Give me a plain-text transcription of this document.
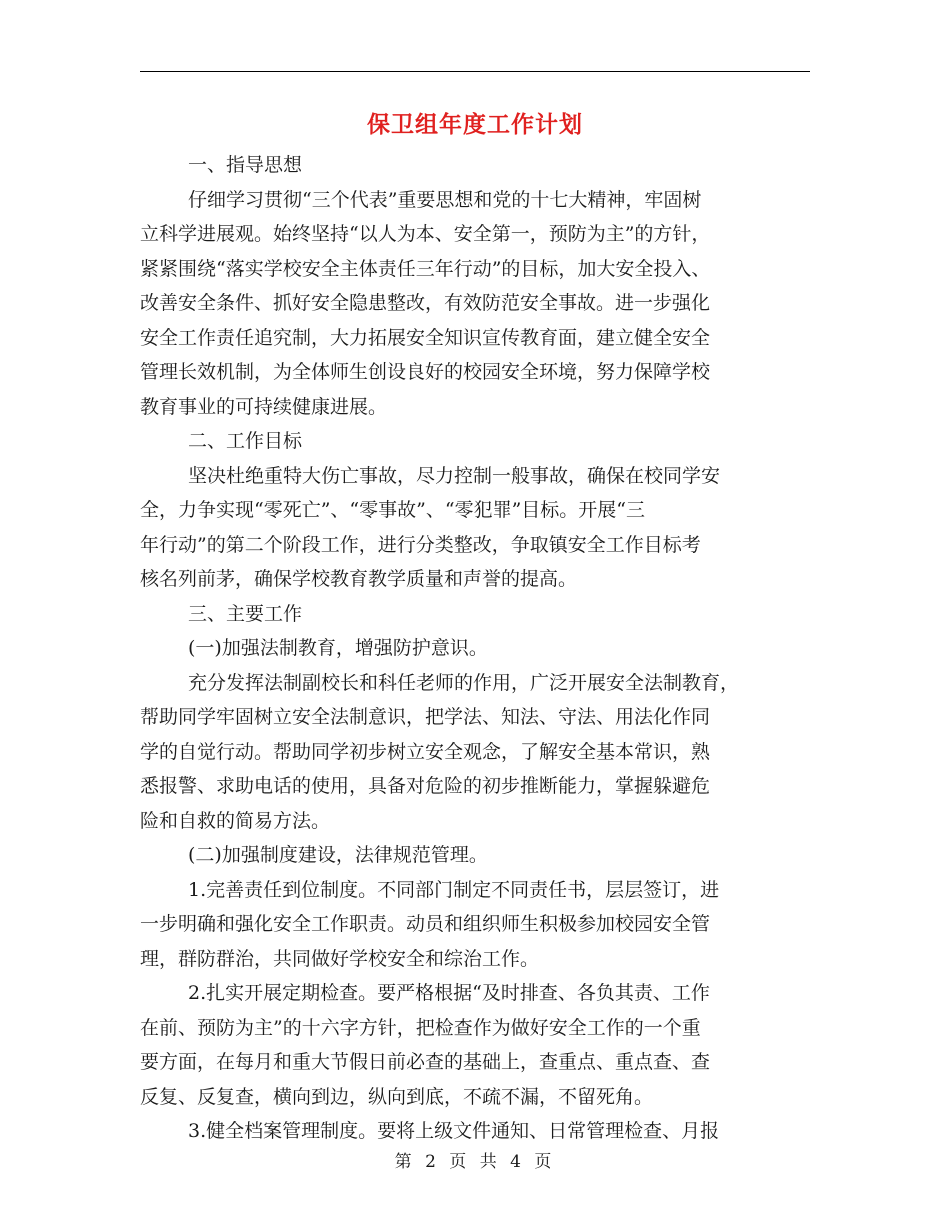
保卫组年度工作计划
一、指导思想
仔细学习贯彻“三个代表”重要思想和党的十七大精神，牢固树
立科学进展观。始终坚持“以人为本、安全第一，预防为主”的方针，
紧紧围绕“落实学校安全主体责任三年行动”的目标，加大安全投入、
改善安全条件、抓好安全隐患整改，有效防范安全事故。进一步强化
安全工作责任追究制，大力拓展安全知识宣传教育面，建立健全安全
管理长效机制，为全体师生创设良好的校园安全环境，努力保障学校
教育事业的可持续健康进展。
二、工作目标
坚决杜绝重特大伤亡事故，尽力控制一般事故，确保在校同学安
全，力争实现“零死亡”、“零事故”、“零犯罪”目标。开展“三
年行动”的第二个阶段工作，进行分类整改，争取镇安全工作目标考
核名列前茅，确保学校教育教学质量和声誉的提高。
三、主要工作
(一)加强法制教育，增强防护意识。
充分发挥法制副校长和科任老师的作用，广泛开展安全法制教育，
帮助同学牢固树立安全法制意识，把学法、知法、守法、用法化作同
学的自觉行动。帮助同学初步树立安全观念，了解安全基本常识，熟
悉报警、求助电话的使用，具备对危险的初步推断能力，掌握躲避危
险和自救的简易方法。
(二)加强制度建设，法律规范管理。
1.完善责任到位制度。不同部门制定不同责任书，层层签订，进
一步明确和强化安全工作职责。动员和组织师生积极参加校园安全管
理，群防群治，共同做好学校安全和综治工作。
2.扎实开展定期检查。要严格根据“及时排查、各负其责、工作
在前、预防为主”的十六字方针，把检查作为做好安全工作的一个重
要方面，在每月和重大节假日前必查的基础上，查重点、重点查、查
反复、反复查，横向到边，纵向到底，不疏不漏，不留死角。
3.健全档案管理制度。要将上级文件通知、日常管理检查、月报
第 2 页 共 4 页
